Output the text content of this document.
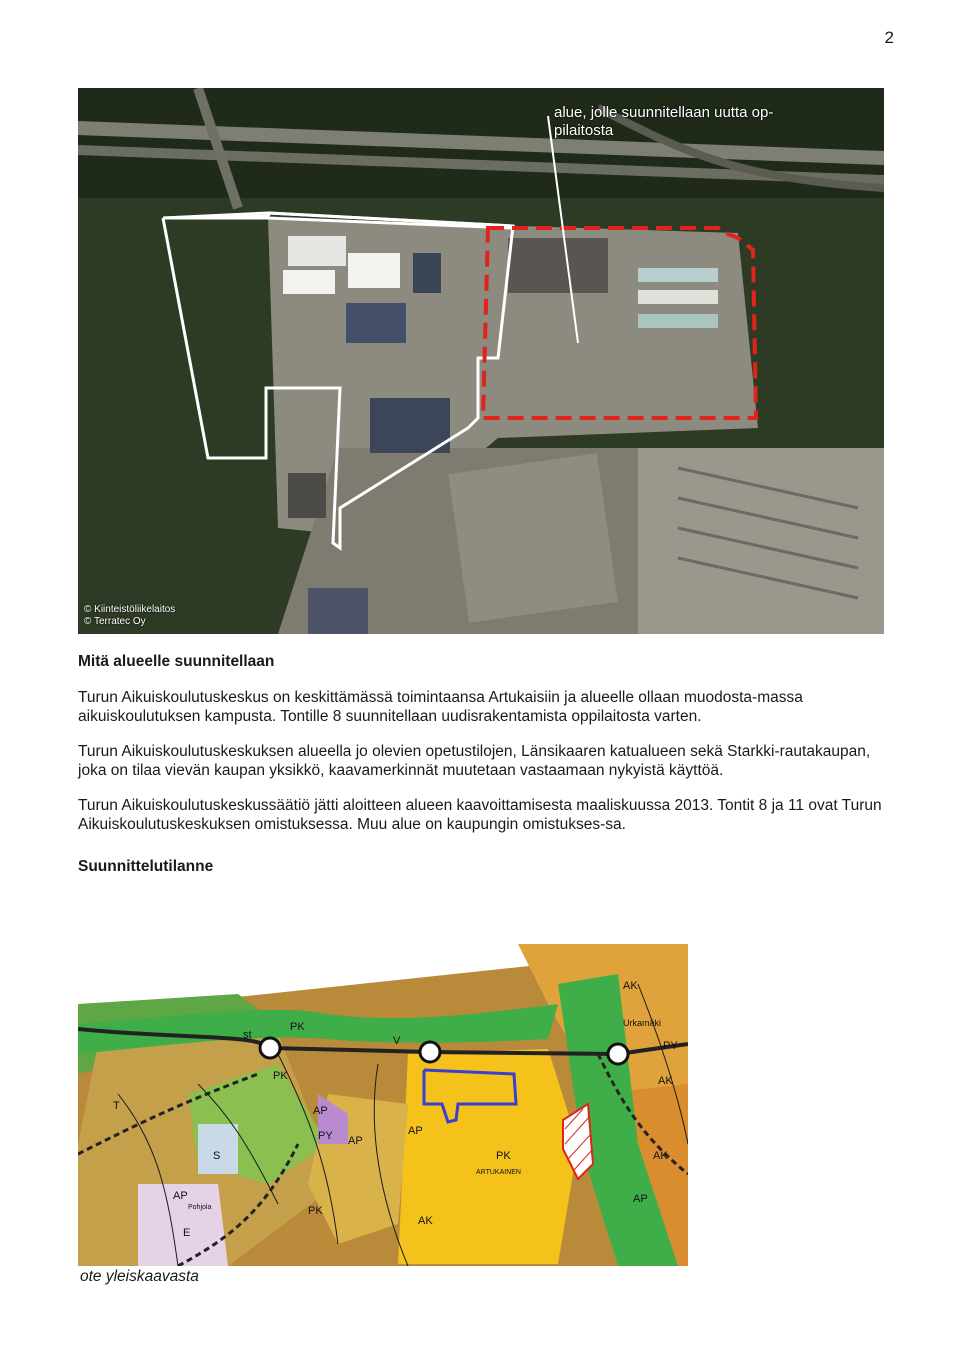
2
© Kiinteistöliikelaitos
© Terratec Oy
alue, jolle suunnitellaan uutta op-
pilaitosta
Mitä alueelle suunnitellaan
Turun Aikuiskoulutuskeskus on keskittämässä toimintaansa Artukaisiin ja alueelle ollaan muodosta-massa aikuiskoulutuksen kampusta. Tontille 8 suunnitellaan uudisrakentamista oppilaitosta varten.
Turun Aikuiskoulutuskeskuksen alueella jo olevien opetustilojen, Länsikaaren katualueen sekä Starkki-rautakaupan, joka on tilaa vievän kaupan yksikkö, kaavamerkinnät muutetaan vastaamaan nykyistä käyttöä.
Turun Aikuiskoulutuskeskussäätiö jätti aloitteen alueen kaavoittamisesta maaliskuussa 2013. Tontit 8 ja 11 ovat Turun Aikuiskoulutuskeskuksen omistuksessa. Muu alue on kaupungin omistukses-sa.
Suunnittelutilanne
st
PK
V	PY
AK
AP
PK
T
S
PY AP
AP
AK
PK
ARTUKAINEN
AK
AP
E
AP
Pohjola
AK
Urkamäki
PK
ote yleiskaavasta
